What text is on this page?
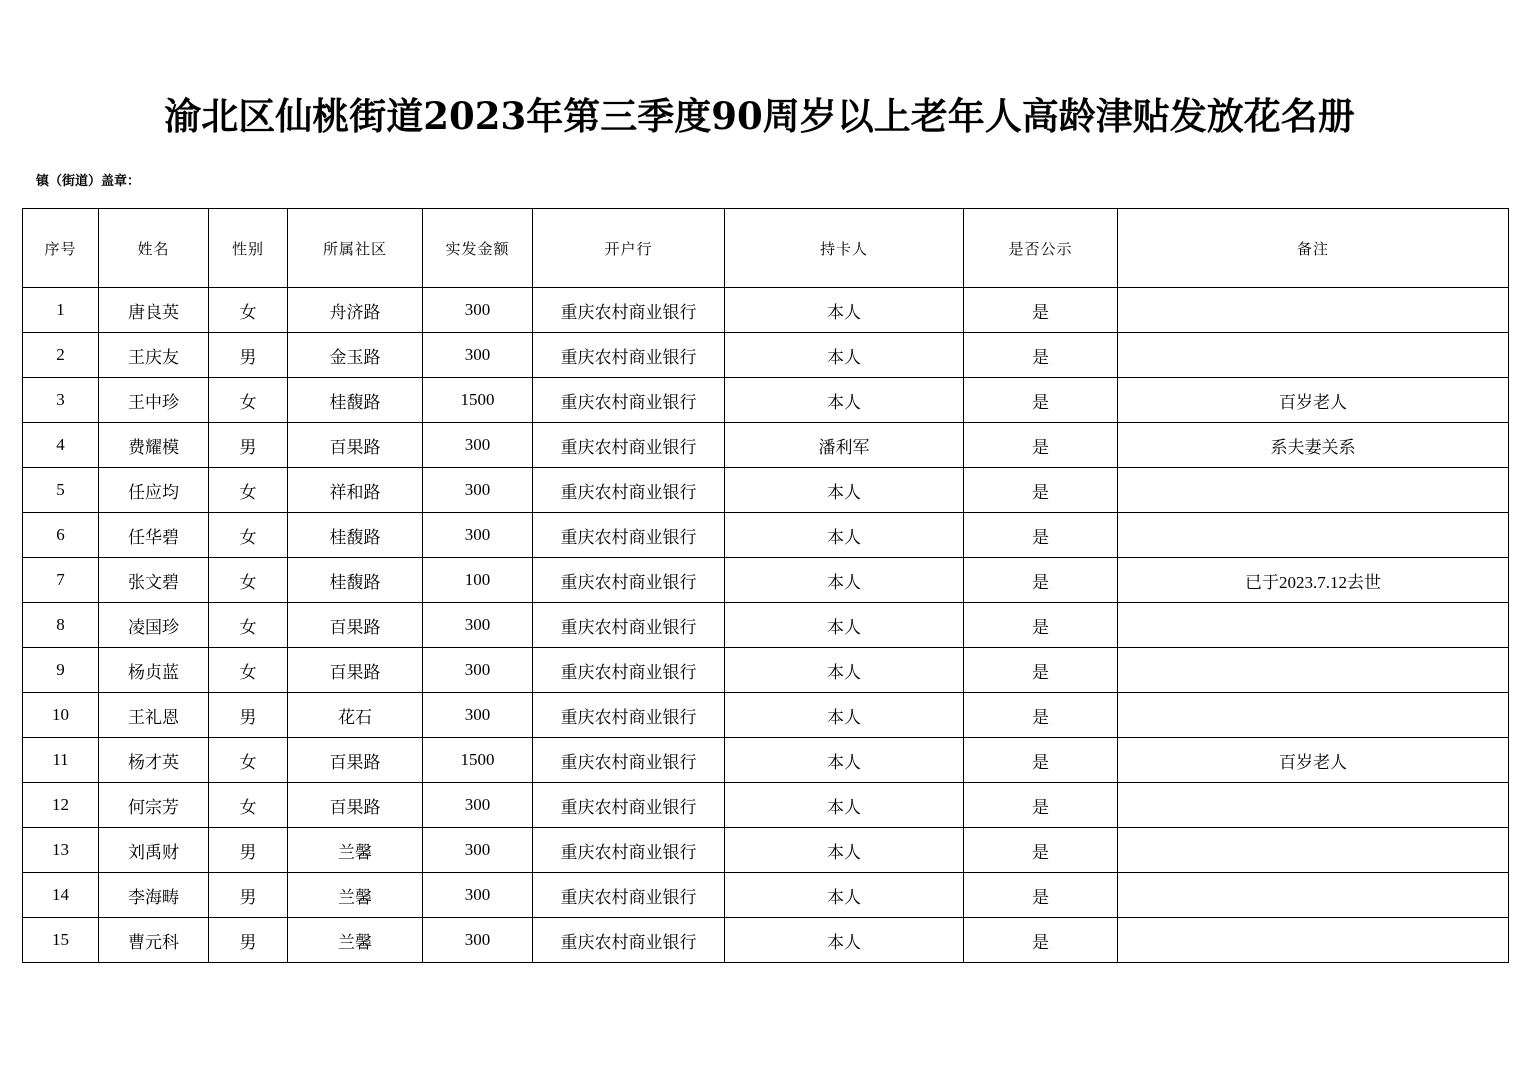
渝北区仙桃街道2023年第三季度90周岁以上老年人高龄津贴发放花名册
镇（街道）盖章：
序号	姓名	性别	所属社区	实发金额	开户行	持卡人	是否公示	备注
1	唐良英	女	舟济路	300	重庆农村商业银行	本人	是	
2	王庆友	男	金玉路	300	重庆农村商业银行	本人	是	
3	王中珍	女	桂馥路	1500	重庆农村商业银行	本人	是	百岁老人
4	费耀模	男	百果路	300	重庆农村商业银行	潘利军	是	系夫妻关系
5	任应均	女	祥和路	300	重庆农村商业银行	本人	是	
6	任华碧	女	桂馥路	300	重庆农村商业银行	本人	是	
7	张文碧	女	桂馥路	100	重庆农村商业银行	本人	是	已于2023.7.12去世
8	凌国珍	女	百果路	300	重庆农村商业银行	本人	是	
9	杨贞蓝	女	百果路	300	重庆农村商业银行	本人	是	
10	王礼恩	男	花石	300	重庆农村商业银行	本人	是	
11	杨才英	女	百果路	1500	重庆农村商业银行	本人	是	百岁老人
12	何宗芳	女	百果路	300	重庆农村商业银行	本人	是	
13	刘禹财	男	兰馨	300	重庆农村商业银行	本人	是	
14	李海畴	男	兰馨	300	重庆农村商业银行	本人	是	
15	曹元科	男	兰馨	300	重庆农村商业银行	本人	是	
